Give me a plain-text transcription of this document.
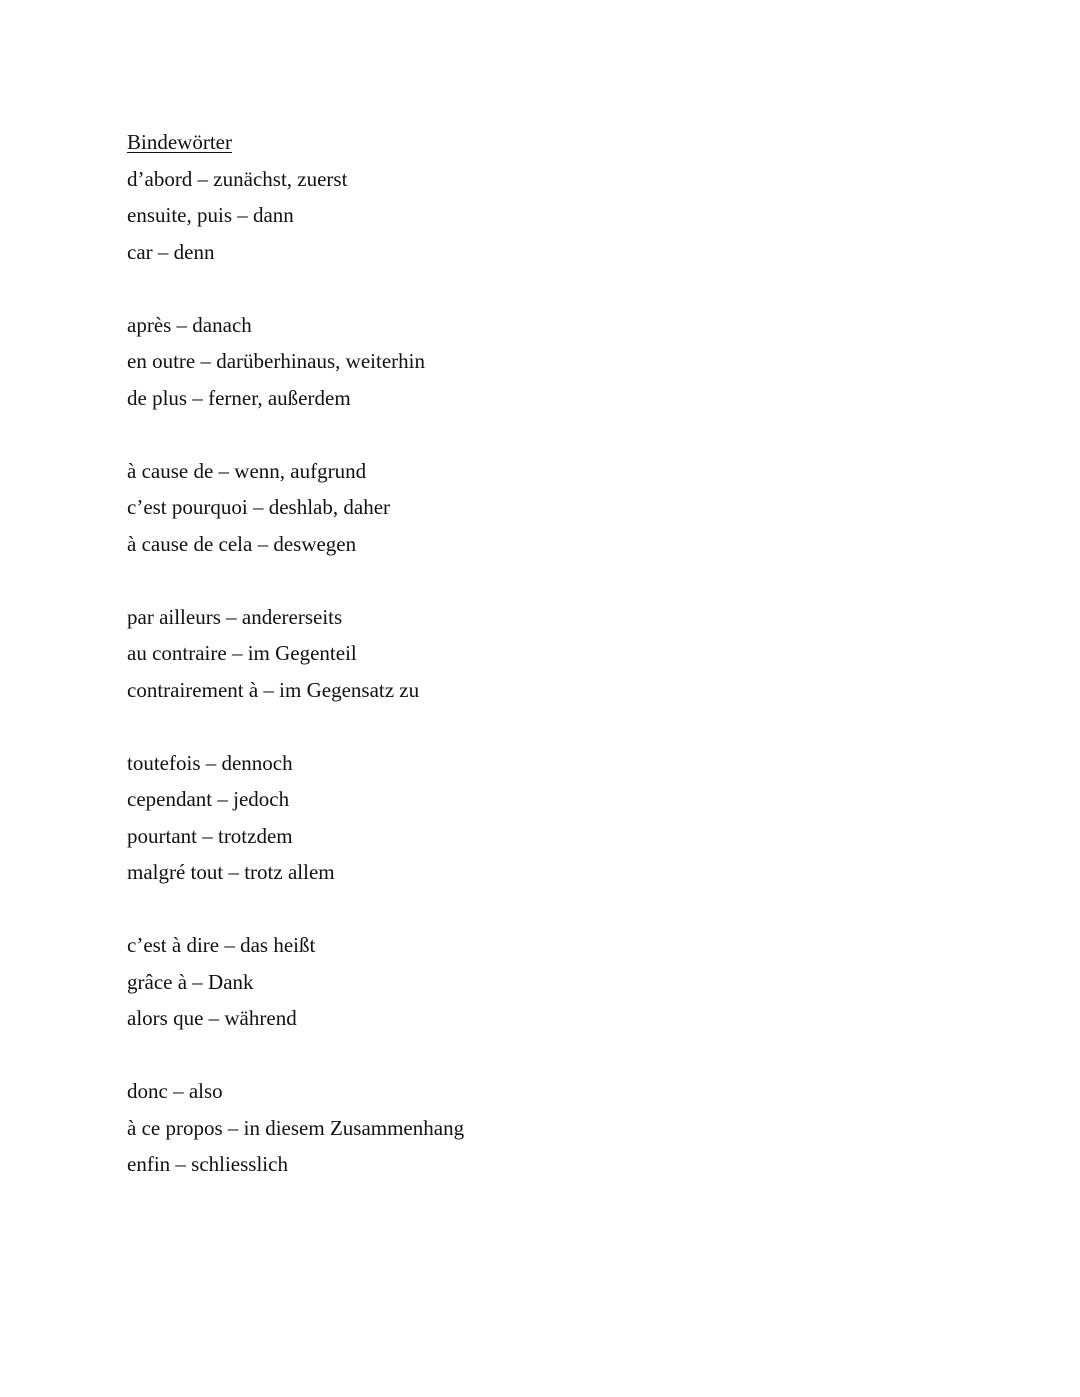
Bindewörter
d’abord – zunächst, zuerst
ensuite, puis – dann
car – denn
après – danach
en outre – darüberhinaus, weiterhin
de plus – ferner, außerdem
à cause de – wenn, aufgrund
c’est pourquoi – deshlab, daher
à cause de cela – deswegen
par ailleurs – andererseits
au contraire – im Gegenteil
contrairement à – im Gegensatz zu
toutefois – dennoch
cependant – jedoch
pourtant – trotzdem
malgré tout – trotz allem
c’est à dire – das heißt
grâce à – Dank
alors que – während
donc – also
à ce propos – in diesem Zusammenhang
enfin – schliesslich
